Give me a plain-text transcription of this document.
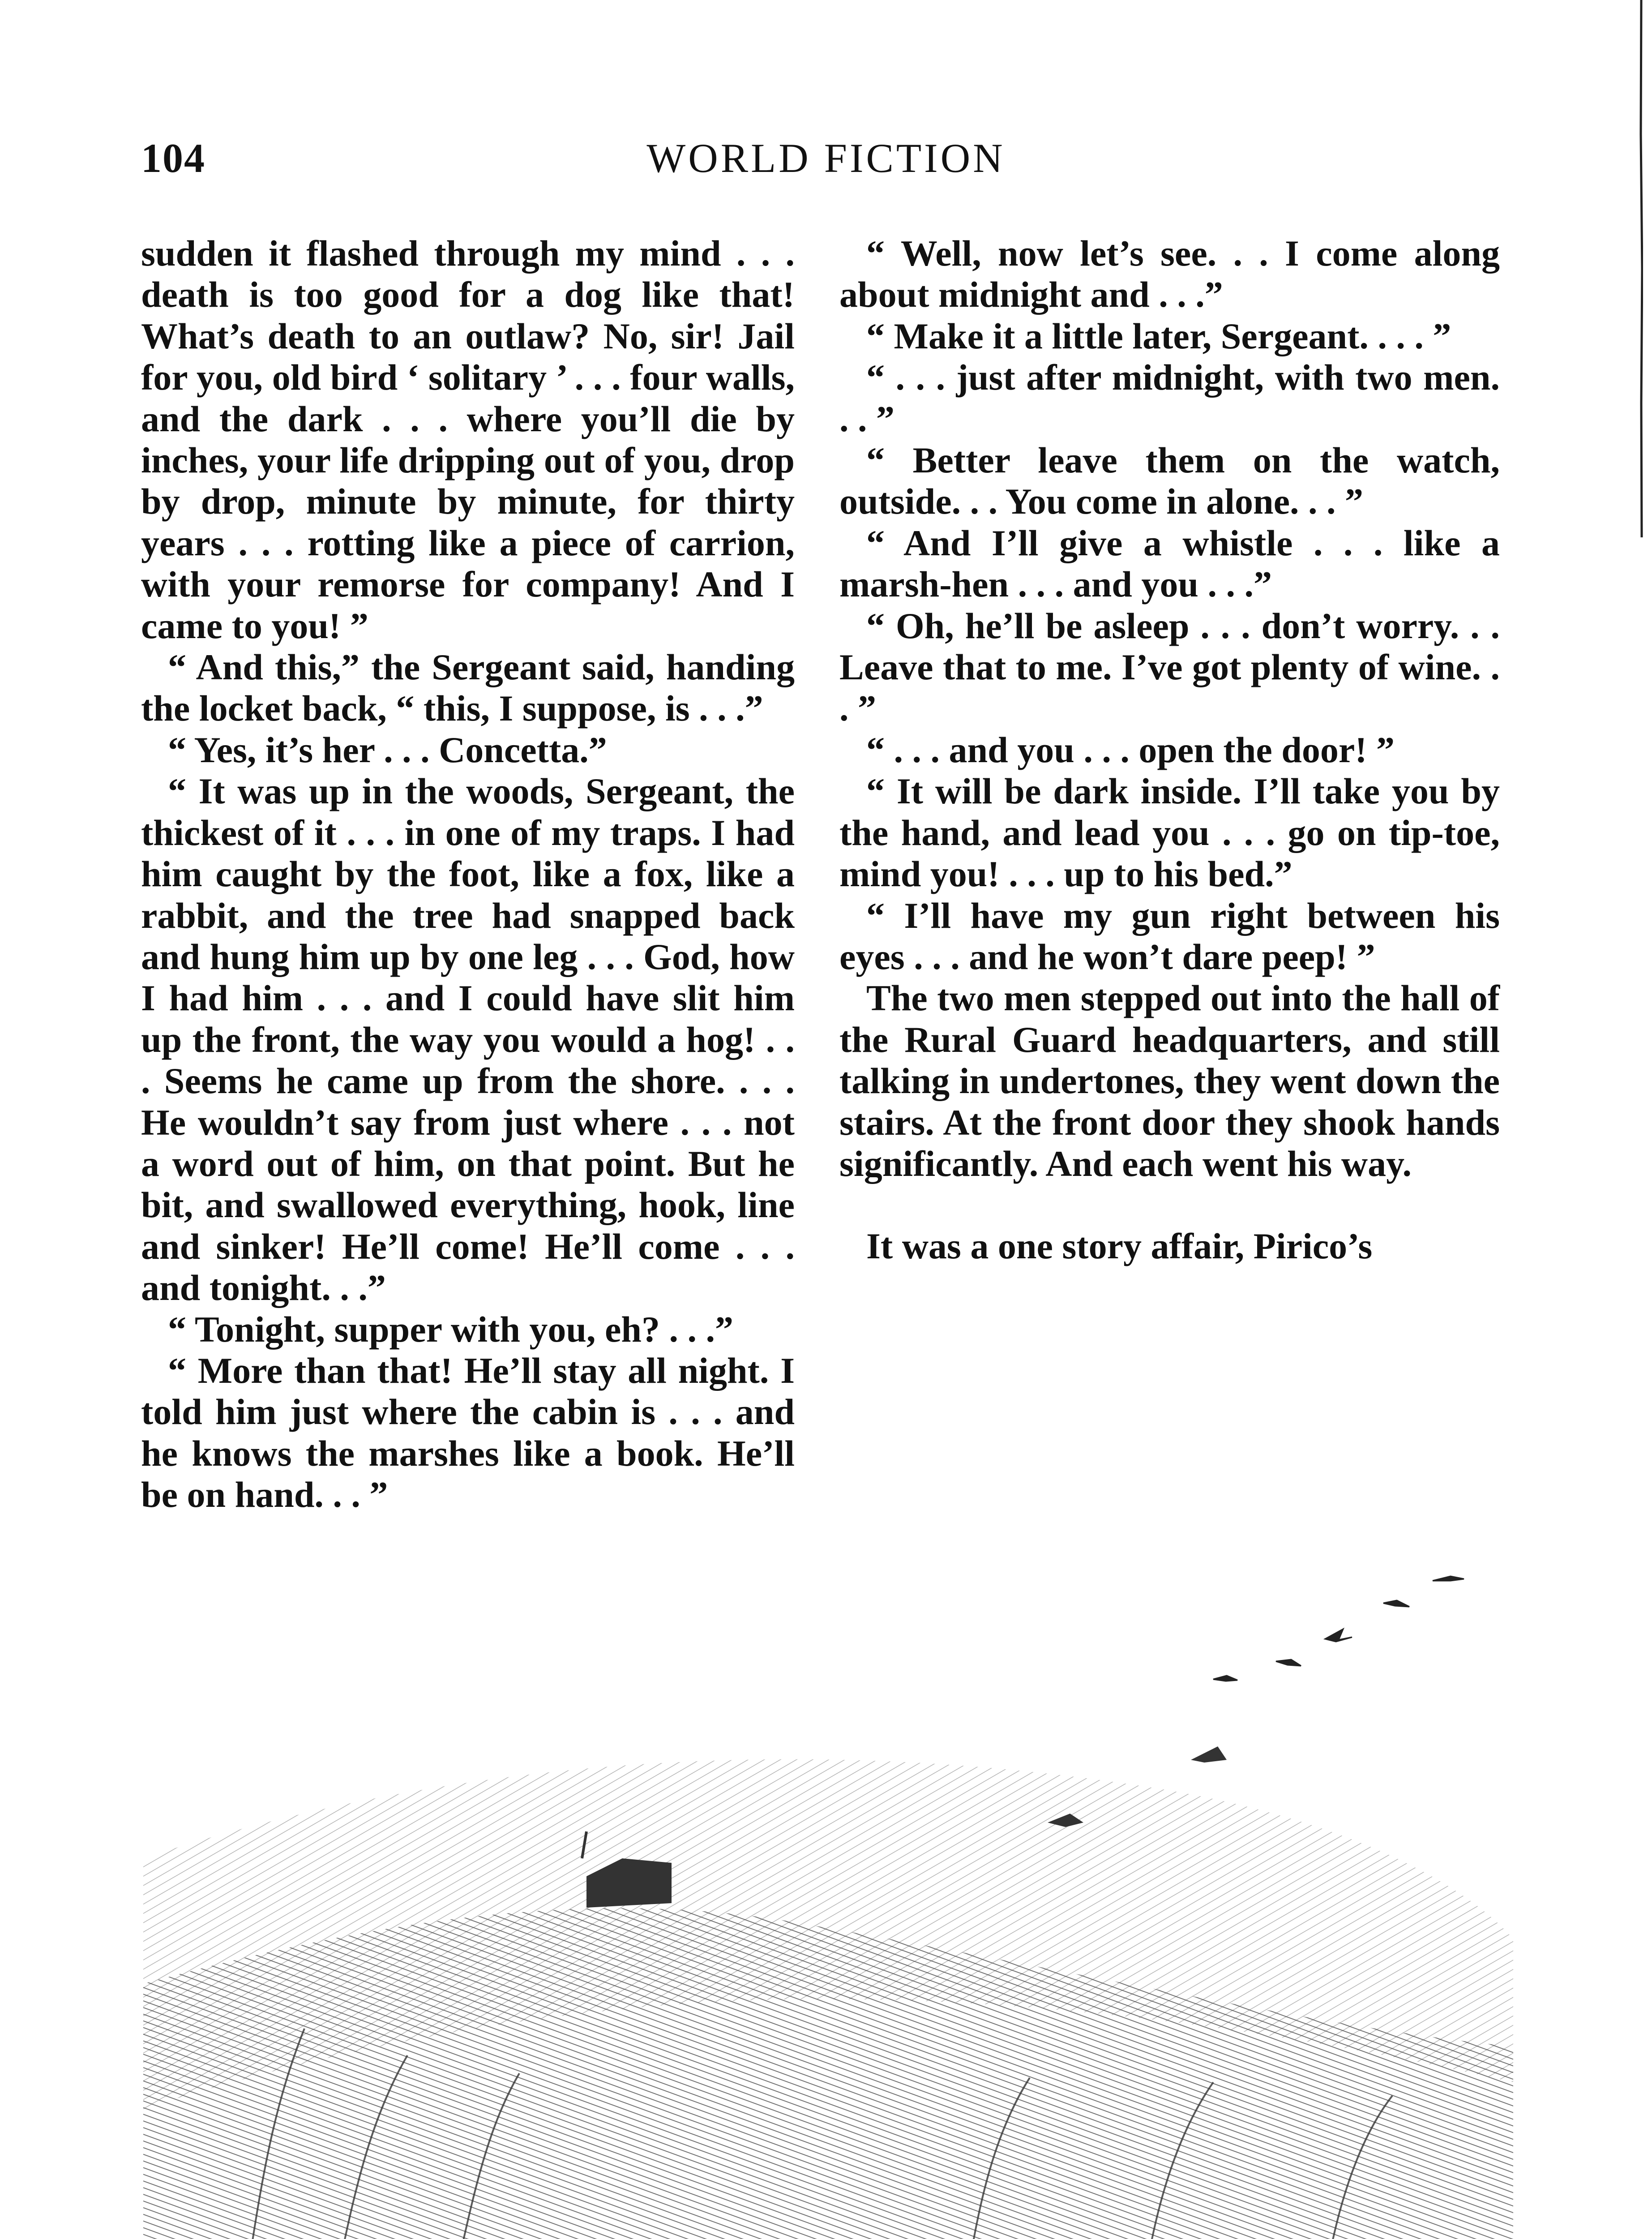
104	WORLD FICTION

sudden it flashed through my mind . . . death is too good for a dog like that! What’s death to an outlaw? No, sir! Jail for you, old bird ‘ solitary ’ . . . four walls, and the dark . . . where you’ll die by inches, your life dripping out of you, drop by drop, minute by minute, for thirty years . . . rotting like a piece of carrion, with your remorse for company! And I came to you! ”

“ And this,” the Sergeant said, handing the locket back, “ this, I suppose, is . . .”

“ Yes, it’s her . . . Concetta.”

“ It was up in the woods, Sergeant, the thickest of it . . . in one of my traps. I had him caught by the foot, like a fox, like a rabbit, and the tree had snapped back and hung him up by one leg . . . God, how I had him . . . and I could have slit him up the front, the way you would a hog! . . . Seems he came up from the shore. . . . He wouldn’t say from just where . . . not a word out of him, on that point. But he bit, and swallowed everything, hook, line and sinker! He’ll come! He’ll come . . . and tonight. . .”

“ Tonight, supper with you, eh? . . .”

“ More than that! He’ll stay all night. I told him just where the cabin is . . . and he knows the marshes like a book. He’ll be on hand. . . ”

“ Well, now let’s see. . . I come along about midnight and . . .”

“ Make it a little later, Sergeant. . . . ”

“ . . . just after midnight, with two men. . . ”

“ Better leave them on the watch, outside. . . You come in alone. . . ”

“ And I’ll give a whistle . . . like a marsh-hen . . . and you . . .”

“ Oh, he’ll be asleep . . . don’t worry. . . Leave that to me. I’ve got plenty of wine. . . ”

“ . . . and you . . . open the door! ”

“ It will be dark inside. I’ll take you by the hand, and lead you . . . go on tip-toe, mind you! . . . up to his bed.”

“ I’ll have my gun right between his eyes . . . and he won’t dare peep! ”

The two men stepped out into the hall of the Rural Guard headquarters, and still talking in undertones, they went down the stairs. At the front door they shook hands significantly. And each went his way.

It was a one story affair, Pirico’s
